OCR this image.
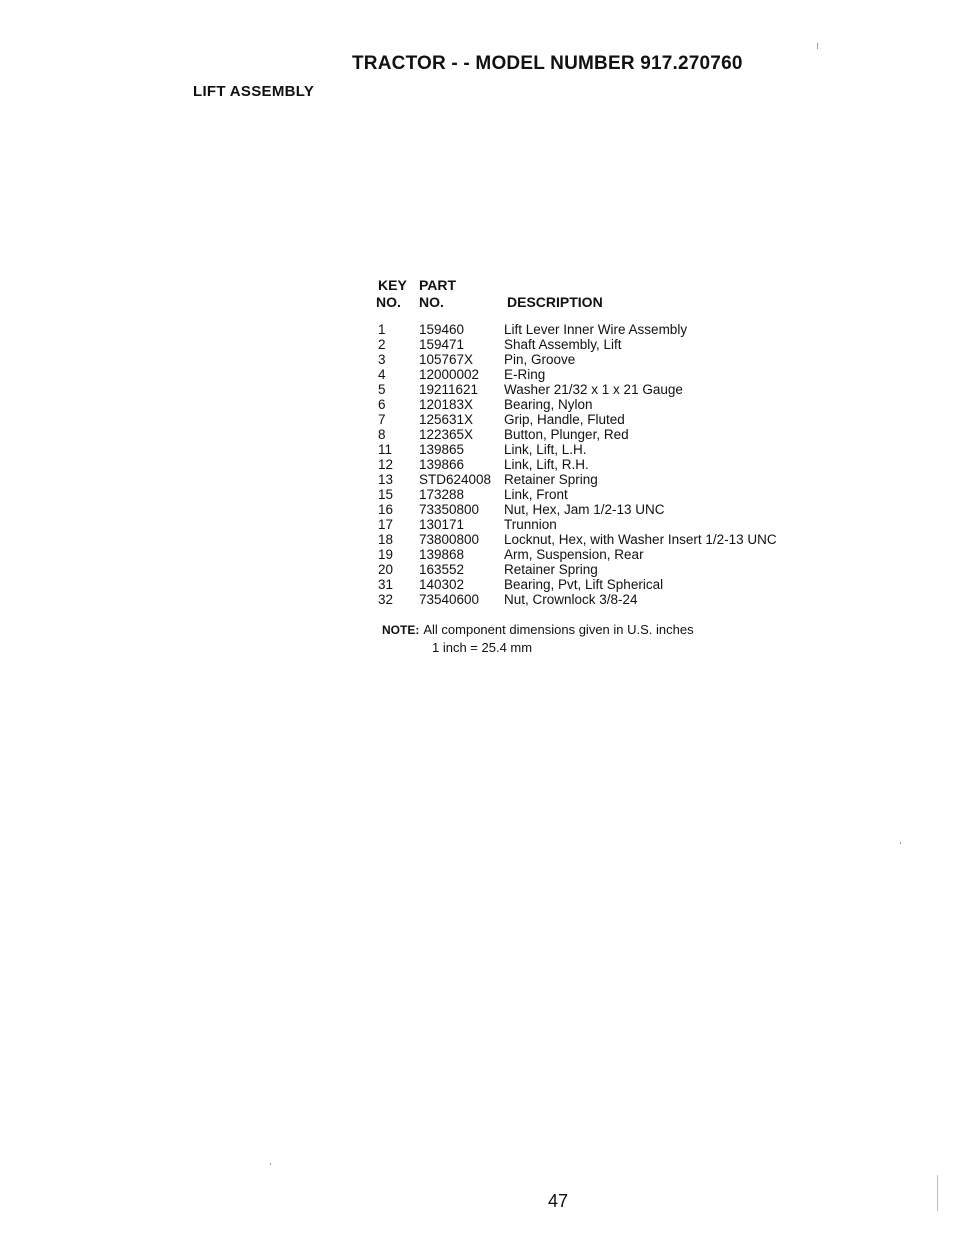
TRACTOR - - MODEL NUMBER 917.270760
LIFT ASSEMBLY
KEY PART
NO. NO.	DESCRIPTION
1 159460	Lift Lever Inner Wire Assembly
2 159471	Shaft Assembly, Lift
3 105767X Pin, Groove
4 12000002 E-Ring
5 19211621 Washer 21/32 x 1 x 21 Gauge
6 120183X Bearing, Nylon
7 125631X Grip, Handle, Fluted
8 122365X Button, Plunger, Red
11 139865	Link, Lift, L.H.
12 139866	Link, Lift, R.H.
13 STD624008 Retainer Spring
15 173288	Link, Front
16 73350800 Nut, Hex, Jam 1/2-13 UNC
17 130171	Trunnion
18 73800800 Locknut, Hex, with Washer Insert 1/2-13 UNC
19 139868	Arm, Suspension, Rear
20 163552	Retainer Spring
31 140302	Bearing, Pvt, Lift Spherical
32 73540600 Nut, Crownlock 3/8-24
NOTE: All component dimensions given in U.S. inches
1 inch = 25.4 mm
47
